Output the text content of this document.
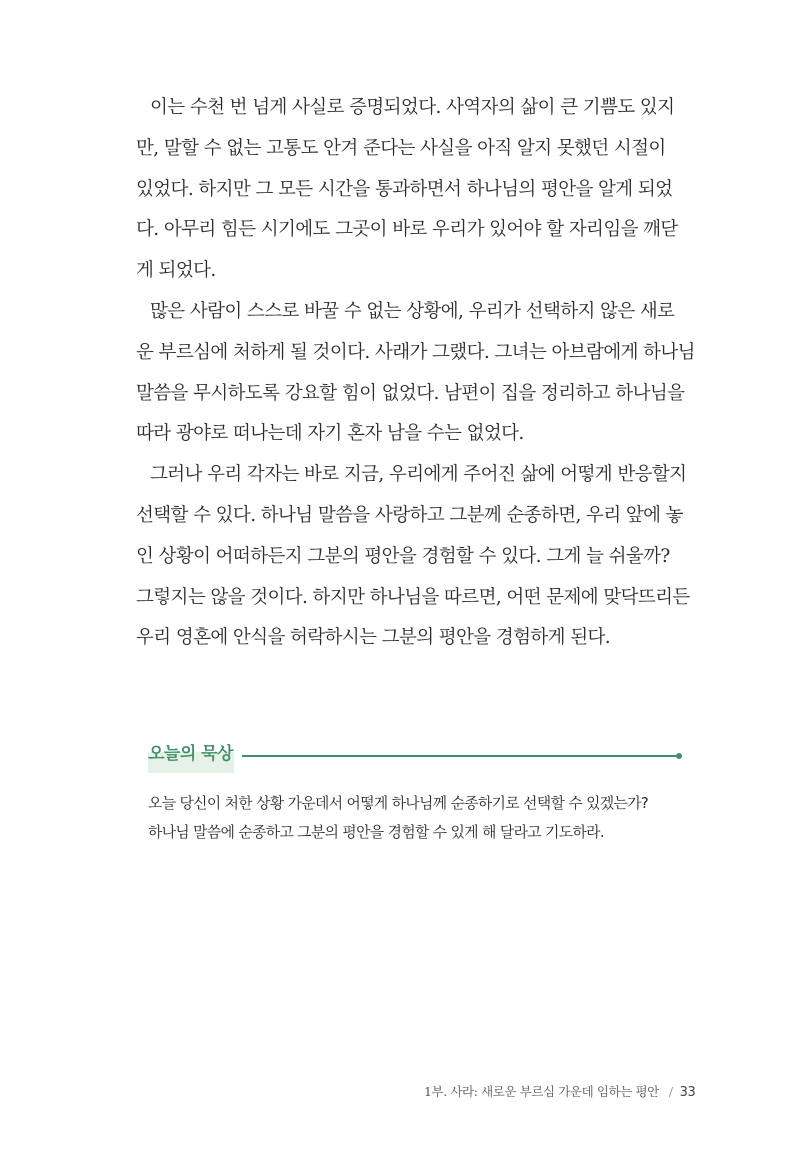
이는 수천 번 넘게 사실로 증명되었다. 사역자의 삶이 큰 기쁨도 있지
만, 말할 수 없는 고통도 안겨 준다는 사실을 아직 알지 못했던 시절이
있었다. 하지만 그 모든 시간을 통과하면서 하나님의 평안을 알게 되었
다. 아무리 힘든 시기에도 그곳이 바로 우리가 있어야 할 자리임을 깨닫
게 되었다.
많은 사람이 스스로 바꿀 수 없는 상황에, 우리가 선택하지 않은 새로
운 부르심에 처하게 될 것이다. 사래가 그랬다. 그녀는 아브람에게 하나님
말씀을 무시하도록 강요할 힘이 없었다. 남편이 집을 정리하고 하나님을
따라 광야로 떠나는데 자기 혼자 남을 수는 없었다.
그러나 우리 각자는 바로 지금, 우리에게 주어진 삶에 어떻게 반응할지
선택할 수 있다. 하나님 말씀을 사랑하고 그분께 순종하면, 우리 앞에 놓
인 상황이 어떠하든지 그분의 평안을 경험할 수 있다. 그게 늘 쉬울까?
그렇지는 않을 것이다. 하지만 하나님을 따르면, 어떤 문제에 맞닥뜨리든
우리 영혼에 안식을 허락하시는 그분의 평안을 경험하게 된다.
오늘의 묵상
오늘 당신이 처한 상황 가운데서 어떻게 하나님께 순종하기로 선택할 수 있겠는가?
하나님 말씀에 순종하고 그분의 평안을 경험할 수 있게 해 달라고 기도하라.
1부. 사라: 새로운 부르심 가운데 임하는 평안 / 33
